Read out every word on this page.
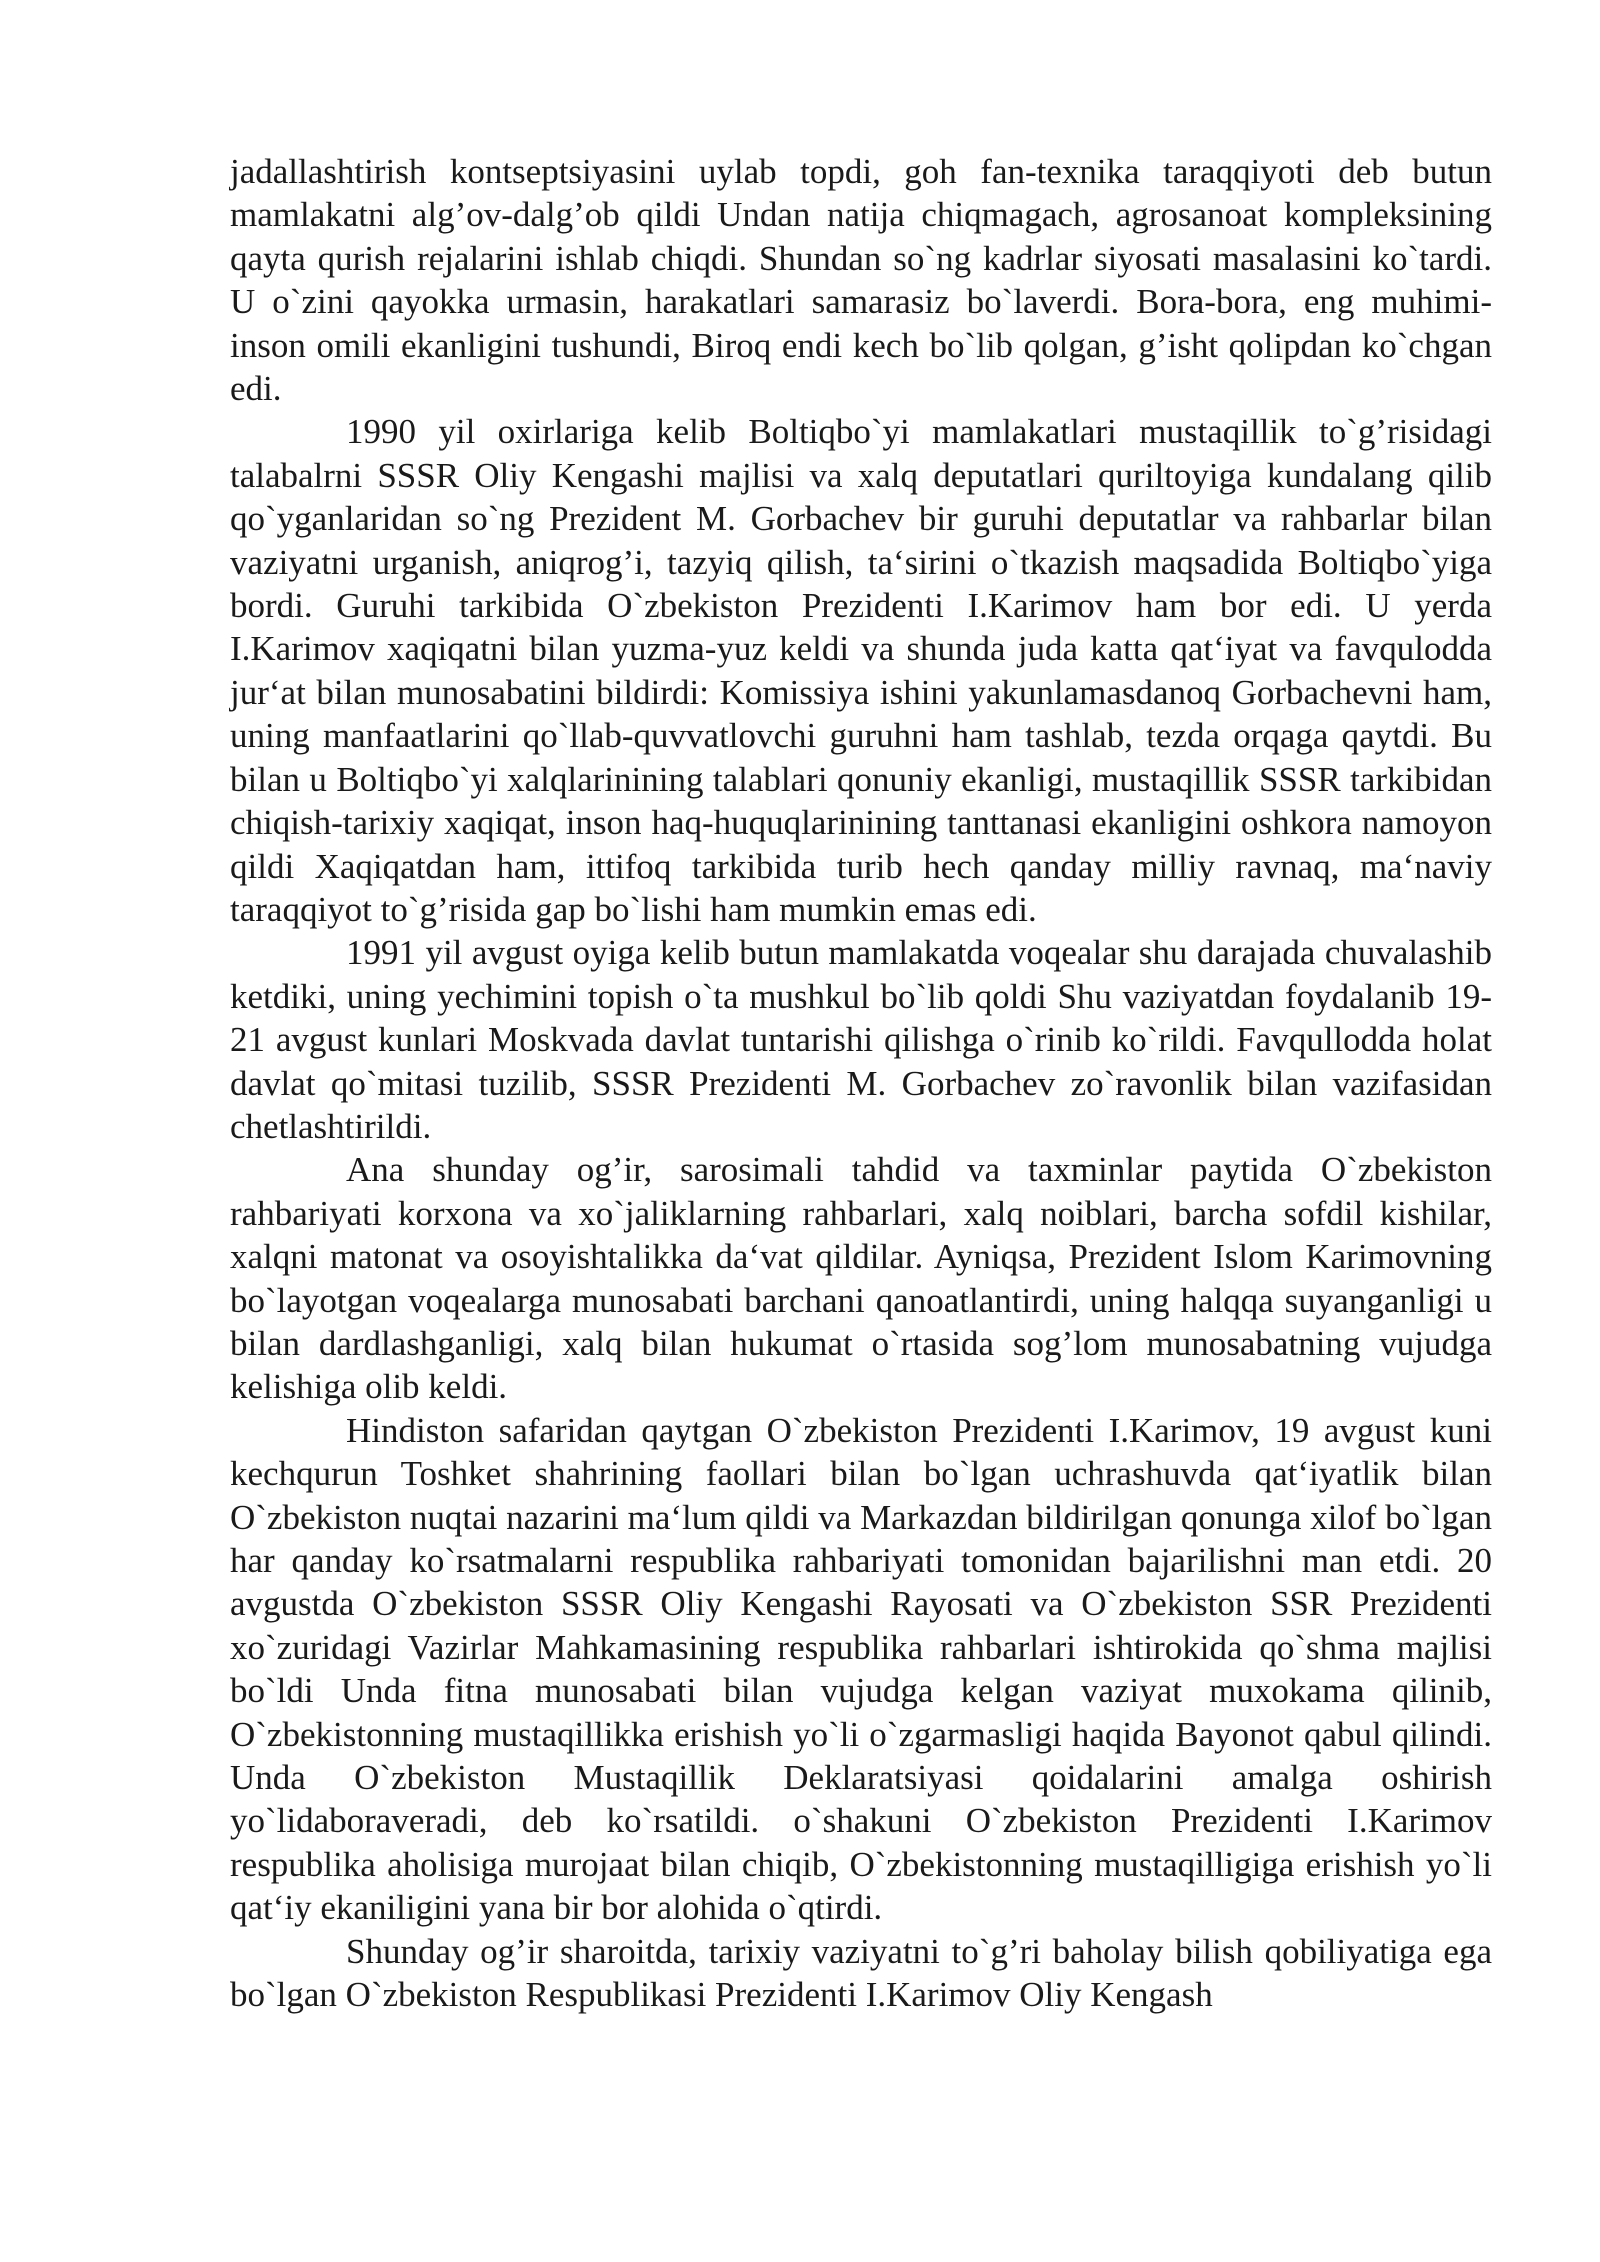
jadallashtirish kontseptsiyasini uylab topdi, goh fan-texnika taraqqiyoti deb butun mamlakatni alg’ov-dalg’ob qildi Undan natija chiqmagach, agrosanoat kompleksining qayta qurish rejalarini ishlab chiqdi. Shundan so`ng kadrlar siyosati masalasini ko`tardi. U o`zini qayokka urmasin, harakatlari samarasiz bo`laverdi. Bora-bora, eng muhimi-inson omili ekanligini tushundi, Biroq endi kech bo`lib qolgan, g’isht qolipdan ko`chgan edi.

1990 yil oxirlariga kelib Boltiqbo`yi mamlakatlari mustaqillik to`g’risidagi talabalrni SSSR Oliy Kengashi majlisi va xalq deputatlari quriltoyiga kundalang qilib qo`yganlaridan so`ng Prezident M. Gorbachev bir guruhi deputatlar va rahbarlar bilan vaziyatni urganish, aniqrog’i, tazyiq qilish, ta‘sirini o`tkazish maqsadida Boltiqbo`yiga bordi. Guruhi tarkibida O`zbekiston Prezidenti I.Karimov ham bor edi. U yerda I.Karimov xaqiqatni bilan yuzma-yuz keldi va shunda juda katta qat‘iyat va favqulodda jur‘at bilan munosabatini bildirdi: Komissiya ishini yakunlamasdanoq Gorbachevni ham, uning manfaatlarini qo`llab-quvvatlovchi guruhni ham tashlab, tezda orqaga qaytdi. Bu bilan u Boltiqbo`yi xalqlarinining talablari qonuniy ekanligi, mustaqillik SSSR tarkibidan chiqish-tarixiy xaqiqat, inson haq-huquqlarinining tanttanasi ekanligini oshkora namoyon qildi Xaqiqatdan ham, ittifoq tarkibida turib hech qanday milliy ravnaq, ma‘naviy taraqqiyot to`g’risida gap bo`lishi ham mumkin emas edi.

1991 yil avgust oyiga kelib butun mamlakatda voqealar shu darajada chuvalashib ketdiki, uning yechimini topish o`ta mushkul bo`lib qoldi Shu vaziyatdan foydalanib 19-21 avgust kunlari Moskvada davlat tuntarishi qilishga o`rinib ko`rildi. Favqullodda holat davlat qo`mitasi tuzilib, SSSR Prezidenti M. Gorbachev zo`ravonlik bilan vazifasidan chetlashtirildi.

Ana shunday og’ir, sarosimali tahdid va taxminlar paytida O`zbekiston rahbariyati korxona va xo`jaliklarning rahbarlari, xalq noiblari, barcha sofdil kishilar, xalqni matonat va osoyishtalikka da‘vat qildilar. Ayniqsa, Prezident Islom Karimovning bo`layotgan voqealarga munosabati barchani qanoatlantirdi, uning halqqa suyanganligi u bilan dardlashganligi, xalq bilan hukumat o`rtasida sog’lom munosabatning vujudga kelishiga olib keldi.

Hindiston safaridan qaytgan O`zbekiston Prezidenti I.Karimov, 19 avgust kuni kechqurun Toshket shahrining faollari bilan bo`lgan uchrashuvda qat‘iyatlik bilan O`zbekiston nuqtai nazarini ma‘lum qildi va Markazdan bildirilgan qonunga xilof bo`lgan har qanday ko`rsatmalarni respublika rahbariyati tomonidan bajarilishni man etdi. 20 avgustda O`zbekiston SSSR Oliy Kengashi Rayosati va O`zbekiston SSR Prezidenti xo`zuridagi Vazirlar Mahkamasining respublika rahbarlari ishtirokida qo`shma majlisi bo`ldi Unda fitna munosabati bilan vujudga kelgan vaziyat muxokama qilinib, O`zbekistonning mustaqillikka erishish yo`li o`zgarmasligi haqida Bayonot qabul qilindi. Unda O`zbekiston Mustaqillik Deklaratsiyasi qoidalarini amalga oshirish yo`lidaboraveradi, deb ko`rsatildi. o`shakuni O`zbekiston Prezidenti I.Karimov respublika aholisiga murojaat bilan chiqib, O`zbekistonning mustaqilligiga erishish yo`li qat‘iy ekaniligini yana bir bor alohida o`qtirdi.

Shunday og’ir sharoitda, tarixiy vaziyatni to`g’ri baholay bilish qobiliyatiga ega bo`lgan O`zbekiston Respublikasi Prezidenti I.Karimov Oliy Kengash
